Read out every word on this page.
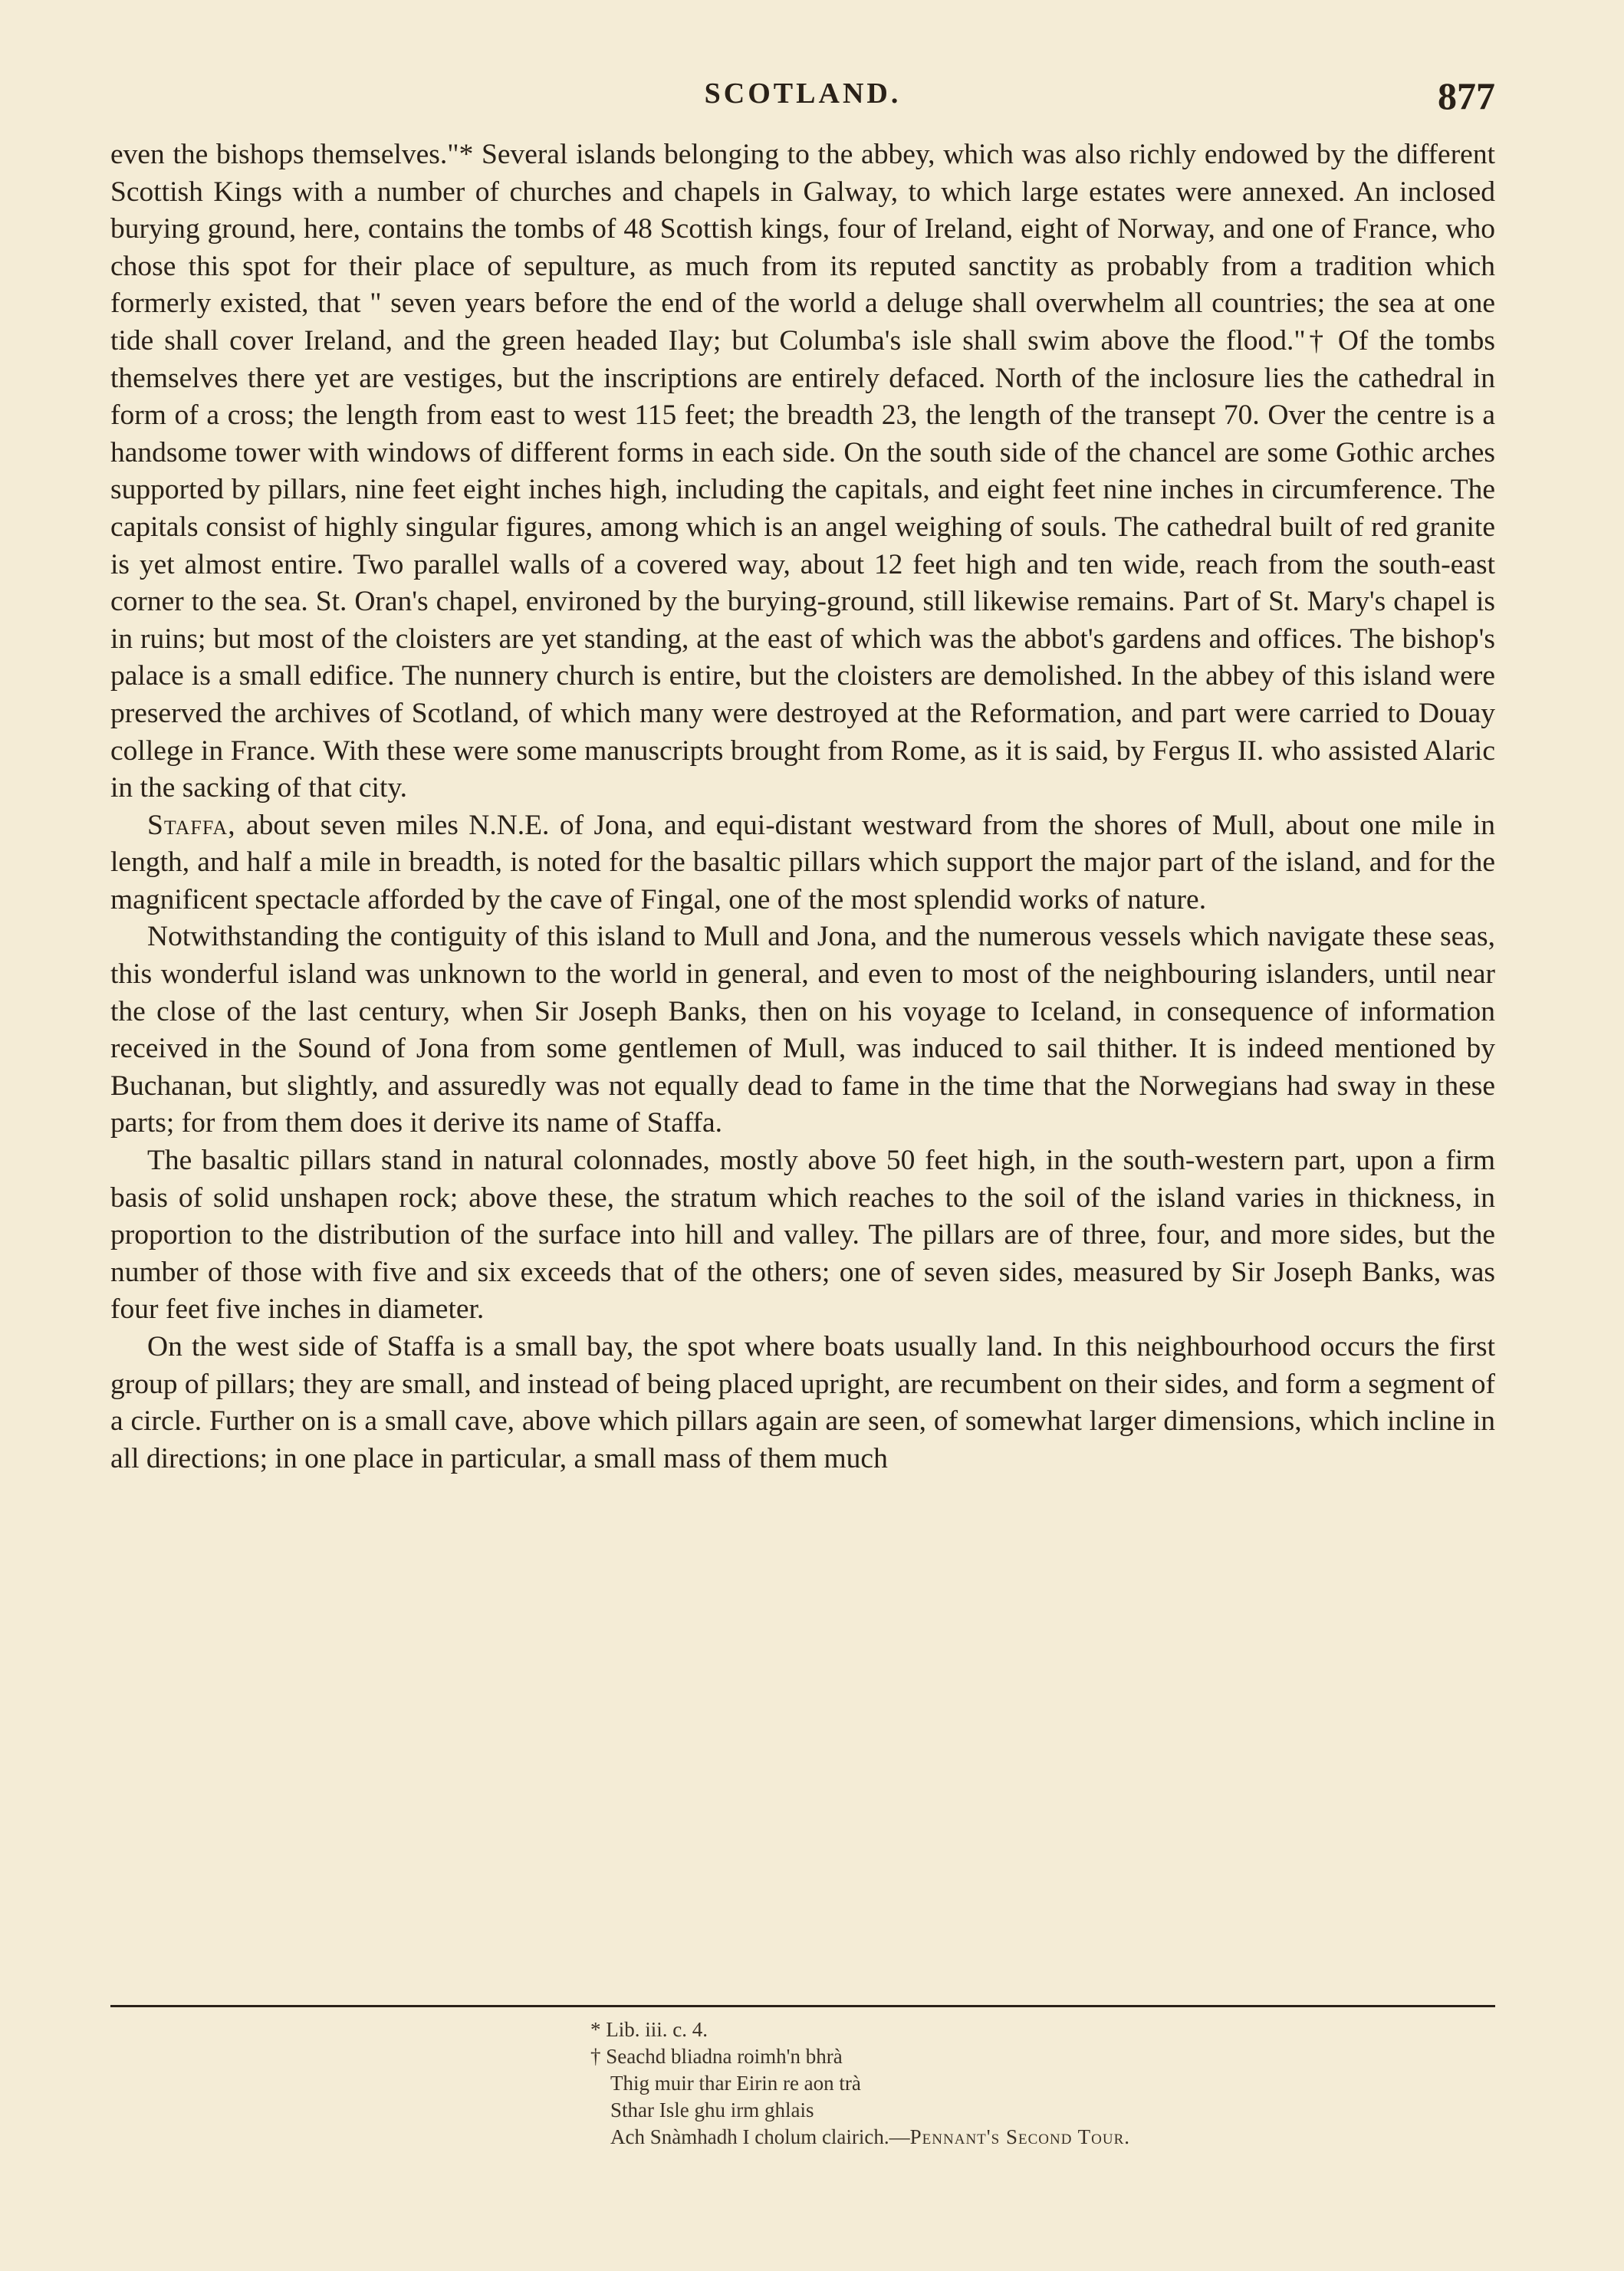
SCOTLAND.	877

even the bishops themselves."* Several islands belonging to the abbey, which was also richly endowed by the different Scottish Kings with a number of churches and chapels in Galway, to which large estates were annexed. An inclosed burying ground, here, contains the tombs of 48 Scottish kings, four of Ireland, eight of Norway, and one of France, who chose this spot for their place of sepulture, as much from its reputed sanctity as probably from a tradition which formerly existed, that " seven years before the end of the world a deluge shall overwhelm all countries; the sea at one tide shall cover Ireland, and the green headed Ilay; but Columba's isle shall swim above the flood."† Of the tombs themselves there yet are vestiges, but the inscriptions are entirely defaced. North of the inclosure lies the cathedral in form of a cross; the length from east to west 115 feet; the breadth 23, the length of the transept 70. Over the centre is a handsome tower with windows of different forms in each side. On the south side of the chancel are some Gothic arches supported by pillars, nine feet eight inches high, including the capitals, and eight feet nine inches in circumference. The capitals consist of highly singular figures, among which is an angel weighing of souls. The cathedral built of red granite is yet almost entire. Two parallel walls of a covered way, about 12 feet high and ten wide, reach from the south-east corner to the sea. St. Oran's chapel, environed by the burying-ground, still likewise remains. Part of St. Mary's chapel is in ruins; but most of the cloisters are yet standing, at the east of which was the abbot's gardens and offices. The bishop's palace is a small edifice. The nunnery church is entire, but the cloisters are demolished. In the abbey of this island were preserved the archives of Scotland, of which many were destroyed at the Reformation, and part were carried to Douay college in France. With these were some manuscripts brought from Rome, as it is said, by Fergus II. who assisted Alaric in the sacking of that city.

Staffa, about seven miles N.N.E. of Jona, and equi-distant westward from the shores of Mull, about one mile in length, and half a mile in breadth, is noted for the basaltic pillars which support the major part of the island, and for the magnificent spectacle afforded by the cave of Fingal, one of the most splendid works of nature.

Notwithstanding the contiguity of this island to Mull and Jona, and the numerous vessels which navigate these seas, this wonderful island was unknown to the world in general, and even to most of the neighbouring islanders, until near the close of the last century, when Sir Joseph Banks, then on his voyage to Iceland, in consequence of information received in the Sound of Jona from some gentlemen of Mull, was induced to sail thither. It is indeed mentioned by Buchanan, but slightly, and assuredly was not equally dead to fame in the time that the Norwegians had sway in these parts; for from them does it derive its name of Staffa.

The basaltic pillars stand in natural colonnades, mostly above 50 feet high, in the south-western part, upon a firm basis of solid unshapen rock; above these, the stratum which reaches to the soil of the island varies in thickness, in proportion to the distribution of the surface into hill and valley. The pillars are of three, four, and more sides, but the number of those with five and six exceeds that of the others; one of seven sides, measured by Sir Joseph Banks, was four feet five inches in diameter.

On the west side of Staffa is a small bay, the spot where boats usually land. In this neighbourhood occurs the first group of pillars; they are small, and instead of being placed upright, are recumbent on their sides, and form a segment of a circle. Further on is a small cave, above which pillars again are seen, of somewhat larger dimensions, which incline in all directions; in one place in particular, a small mass of them much

* Lib. iii. c. 4.
† Seachd bliadna roimh'n bhrà
Thig muir thar Eirin re aon trà
Sthar Isle ghu irm ghlais
Ach Snàmhadh I cholum clairich.—Pennant's Second Tour.
